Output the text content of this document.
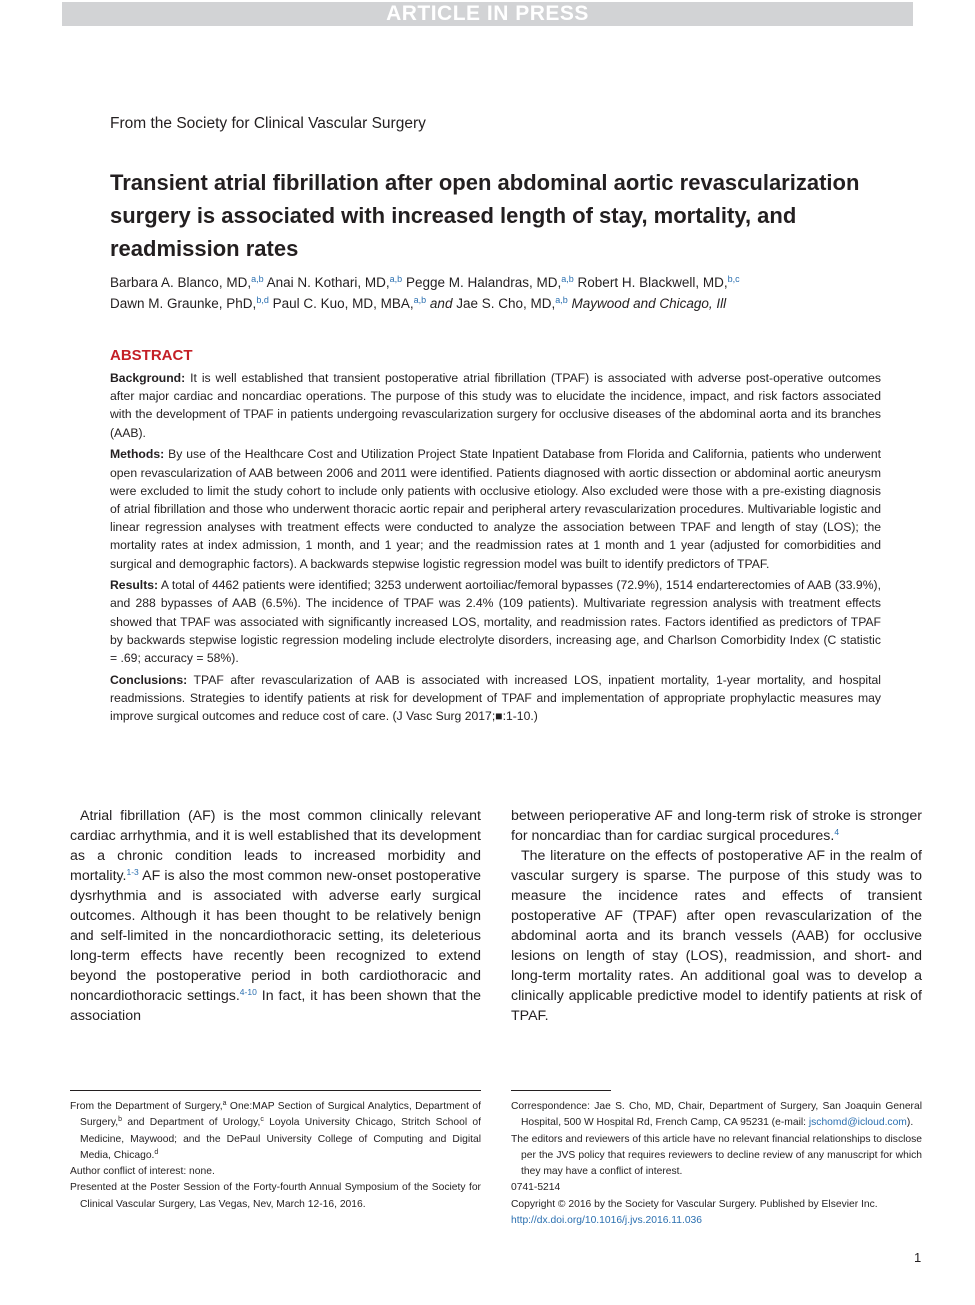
ARTICLE IN PRESS
From the Society for Clinical Vascular Surgery
Transient atrial fibrillation after open abdominal aortic revascularization surgery is associated with increased length of stay, mortality, and readmission rates
Barbara A. Blanco, MD,$^{a,b}$ Anai N. Kothari, MD,$^{a,b}$ Pegge M. Halandras, MD,$^{a,b}$ Robert H. Blackwell, MD,$^{b,c}$
Dawn M. Graunke, PhD,$^{b,d}$ Paul C. Kuo, MD, MBA,$^{a,b}$ and Jae S. Cho, MD,$^{a,b}$ Maywood and Chicago, Ill
ABSTRACT

Background: It is well established that transient postoperative atrial fibrillation (TPAF) is associated with adverse post-operative outcomes after major cardiac and noncardiac operations. The purpose of this study was to elucidate the incidence, impact, and risk factors associated with the development of TPAF in patients undergoing revascularization surgery for occlusive diseases of the abdominal aorta and its branches (AAB).

Methods: By use of the Healthcare Cost and Utilization Project State Inpatient Database from Florida and California, patients who underwent open revascularization of AAB between 2006 and 2011 were identified. Patients diagnosed with aortic dissection or abdominal aortic aneurysm were excluded to limit the study cohort to include only patients with occlusive etiology. Also excluded were those with a pre-existing diagnosis of atrial fibrillation and those who underwent thoracic aortic repair and peripheral artery revascularization procedures. Multivariable logistic and linear regression analyses with treatment effects were conducted to analyze the association between TPAF and length of stay (LOS); the mortality rates at index admission, 1 month, and 1 year; and the readmission rates at 1 month and 1 year (adjusted for comorbidities and surgical and demographic factors). A backwards stepwise logistic regression model was built to identify predictors of TPAF.

Results: A total of 4462 patients were identified; 3253 underwent aortoiliac/femoral bypasses (72.9%), 1514 endarterectomies of AAB (33.9%), and 288 bypasses of AAB (6.5%). The incidence of TPAF was 2.4% (109 patients). Multivariate regression analysis with treatment effects showed that TPAF was associated with significantly increased LOS, mortality, and readmission rates. Factors identified as predictors of TPAF by backwards stepwise logistic regression modeling include electrolyte disorders, increasing age, and Charlson Comorbidity Index (C statistic = .69; accuracy = 58%).

Conclusions: TPAF after revascularization of AAB is associated with increased LOS, inpatient mortality, 1-year mortality, and hospital readmissions. Strategies to identify patients at risk for development of TPAF and implementation of appropriate prophylactic measures may improve surgical outcomes and reduce cost of care. (J Vasc Surg 2017;■:1-10.)

Atrial fibrillation (AF) is the most common clinically relevant cardiac arrhythmia, and it is well established that its development as a chronic condition leads to increased morbidity and mortality.$^{1-3}$ AF is also the most common new-onset postoperative dysrhythmia and is associated with adverse early surgical outcomes. Although it has been thought to be relatively benign and self-limited in the noncardiothoracic setting, its deleterious long-term effects have recently been recognized to extend beyond the postoperative period in both cardiothoracic and noncardiothoracic settings.$^{4-10}$ In fact, it has been shown that the association

between perioperative AF and long-term risk of stroke is stronger for noncardiac than for cardiac surgical procedures.$^4$

The literature on the effects of postoperative AF in the realm of vascular surgery is sparse. The purpose of this study was to measure the incidence rates and effects of transient postoperative AF (TPAF) after open revascularization of the abdominal aorta and its branch vessels (AAB) for occlusive lesions on length of stay (LOS), readmission, and short- and long-term mortality rates. An additional goal was to develop a clinically applicable predictive model to identify patients at risk of TPAF.

From the Department of Surgery,$^a$ One:MAP Section of Surgical Analytics, Department of Surgery,$^b$ and Department of Urology,$^c$ Loyola University Chicago, Stritch School of Medicine, Maywood; and the DePaul University College of Computing and Digital Media, Chicago.$^d$

Author conflict of interest: none.

Presented at the Poster Session of the Forty-fourth Annual Symposium of the Society for Clinical Vascular Surgery, Las Vegas, Nev, March 12-16, 2016.

Correspondence: Jae S. Cho, MD, Chair, Department of Surgery, San Joaquin General Hospital, 500 W Hospital Rd, French Camp, CA 95231 (e-mail: jschomd@icloud.com).

The editors and reviewers of this article have no relevant financial relationships to disclose per the JVS policy that requires reviewers to decline review of any manuscript for which they may have a conflict of interest.

0741-5214

Copyright © 2016 by the Society for Vascular Surgery. Published by Elsevier Inc.

http://dx.doi.org/10.1016/j.jvs.2016.11.036

1
